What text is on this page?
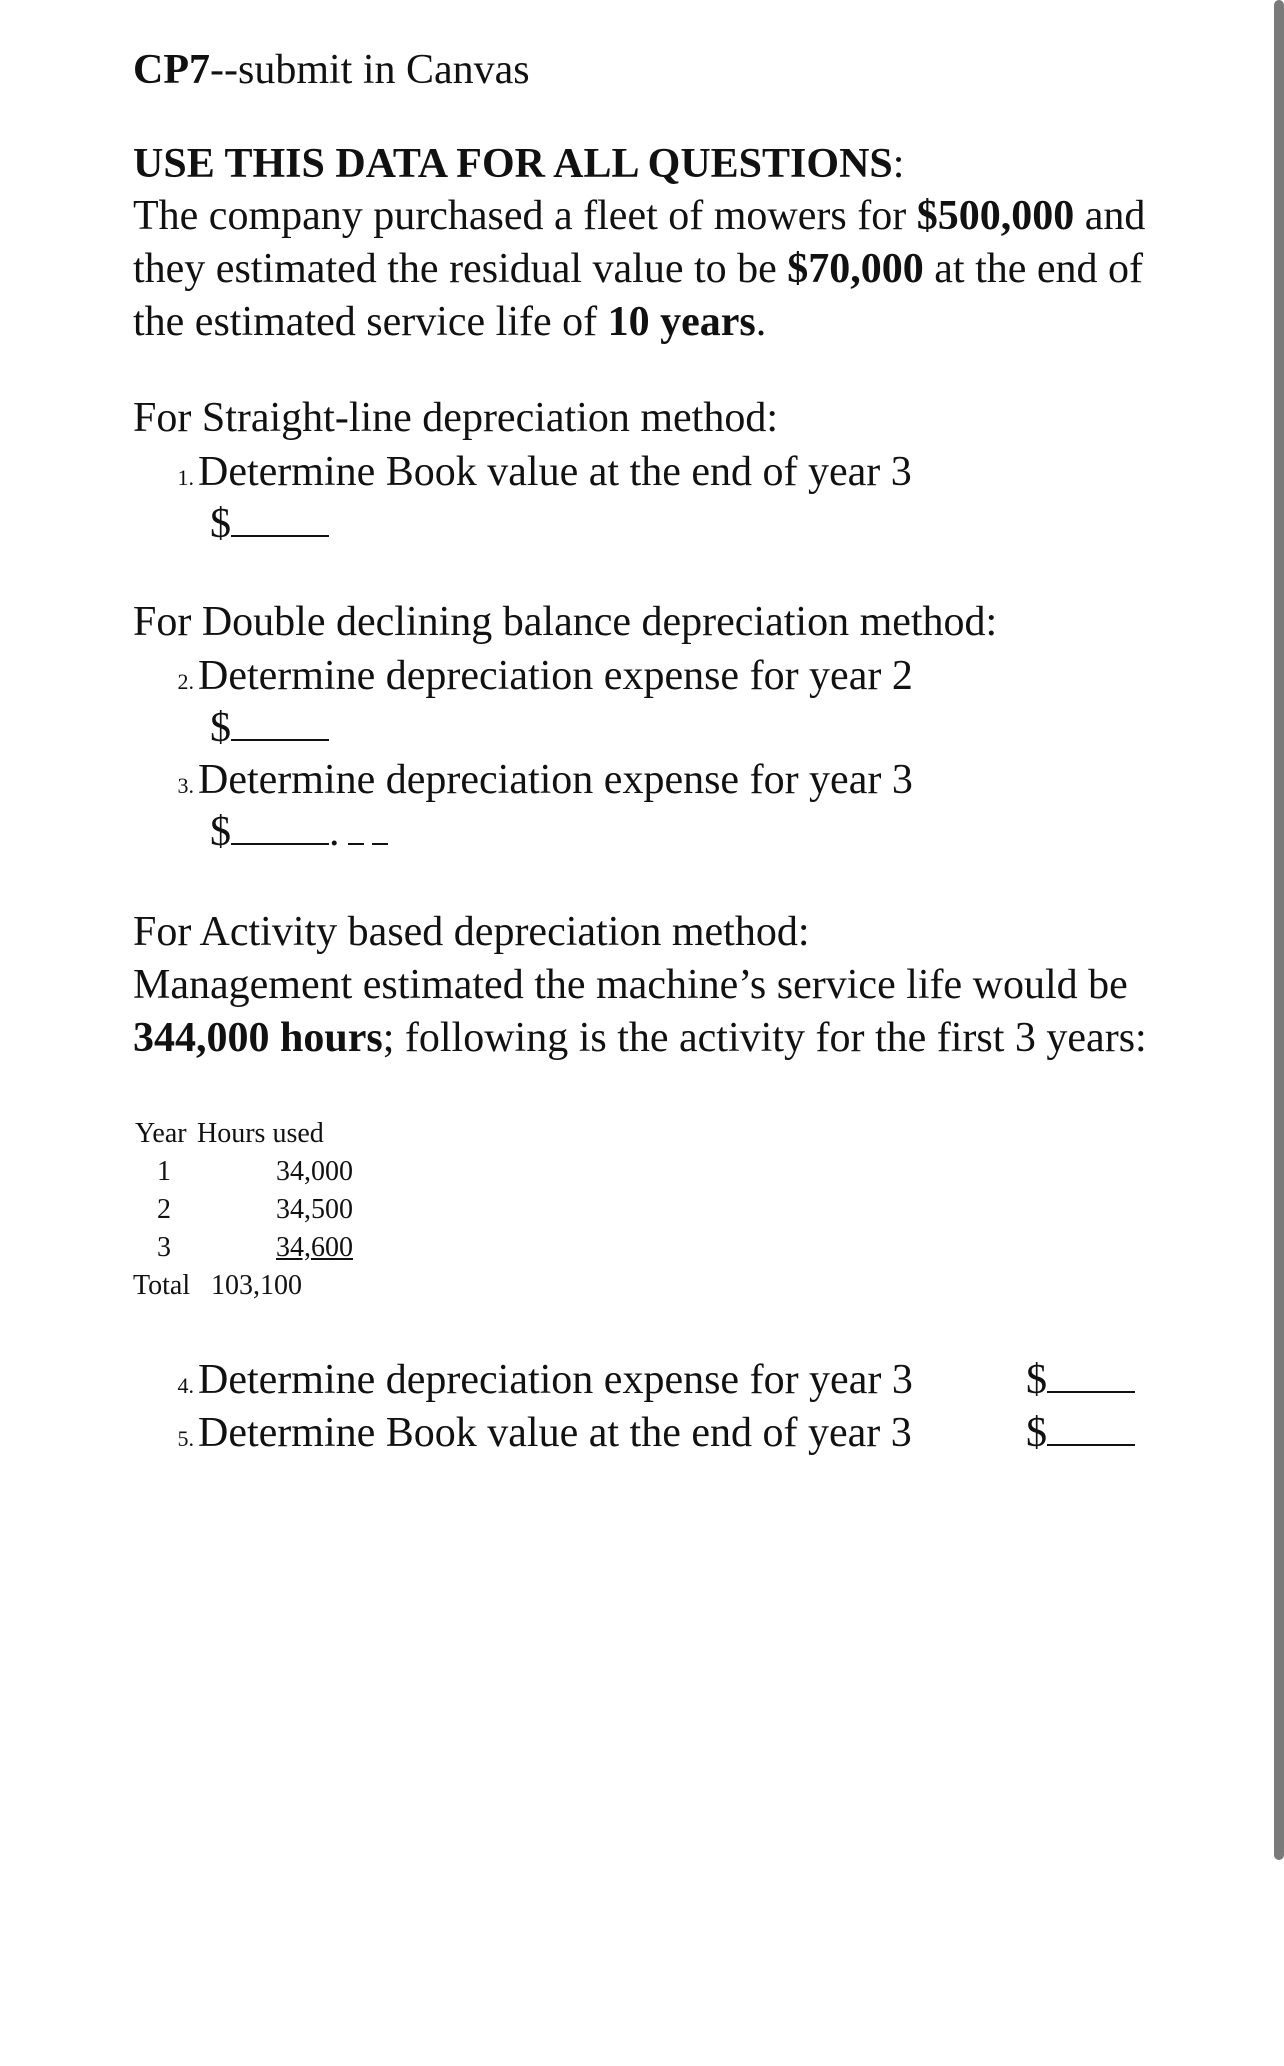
CP7--submit in Canvas
USE THIS DATA FOR ALL QUESTIONS:
The company purchased a fleet of mowers for $500,000 and they estimated the residual value to be $70,000 at the end of the estimated service life of 10 years.
For Straight-line depreciation method:
1.Determine Book value at the end of year 3
$
For Double declining balance depreciation method:
2.Determine depreciation expense for year 2
$
3.Determine depreciation expense for year 3
$ .
For Activity based depreciation method:
Management estimated the machine’s service life would be 344,000 hours; following is the activity for the first 3 years:
Year Hours used
1	34,000
2	34,500
3	34,600
Total 103,100
4.Determine depreciation expense for year 3	$
5.Determine Book value at the end of year 3	$
